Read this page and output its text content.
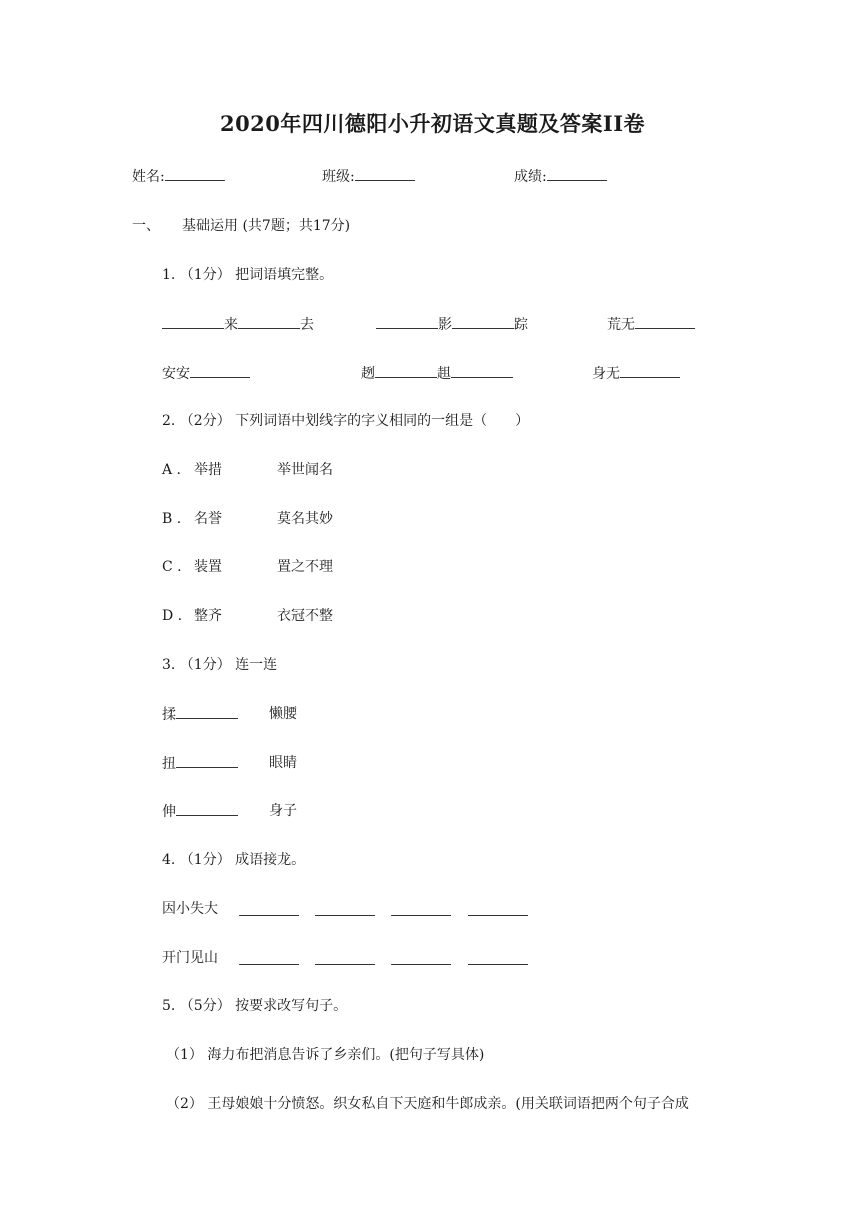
2020年四川德阳小升初语文真题及答案II卷
姓名:	班级:	成绩:
一、 基础运用 (共7题；共17分)
1. （1分） 把词语填完整。
来	去	影	踪	荒无
安安	趔	趄	身无
2. （2分） 下列词语中划线字的字义相同的一组是（　　）
A . 举措	举世闻名
B . 名誉	莫名其妙
C . 装置	置之不理
D . 整齐	衣冠不整
3. （1分） 连一连
揉	懒腰
扭	眼睛
伸	身子
4. （1分） 成语接龙。
因小失大
开门见山
5. （5分） 按要求改写句子。
（1） 海力布把消息告诉了乡亲们。(把句子写具体)
（2） 王母娘娘十分愤怒。织女私自下天庭和牛郎成亲。(用关联词语把两个句子合成
